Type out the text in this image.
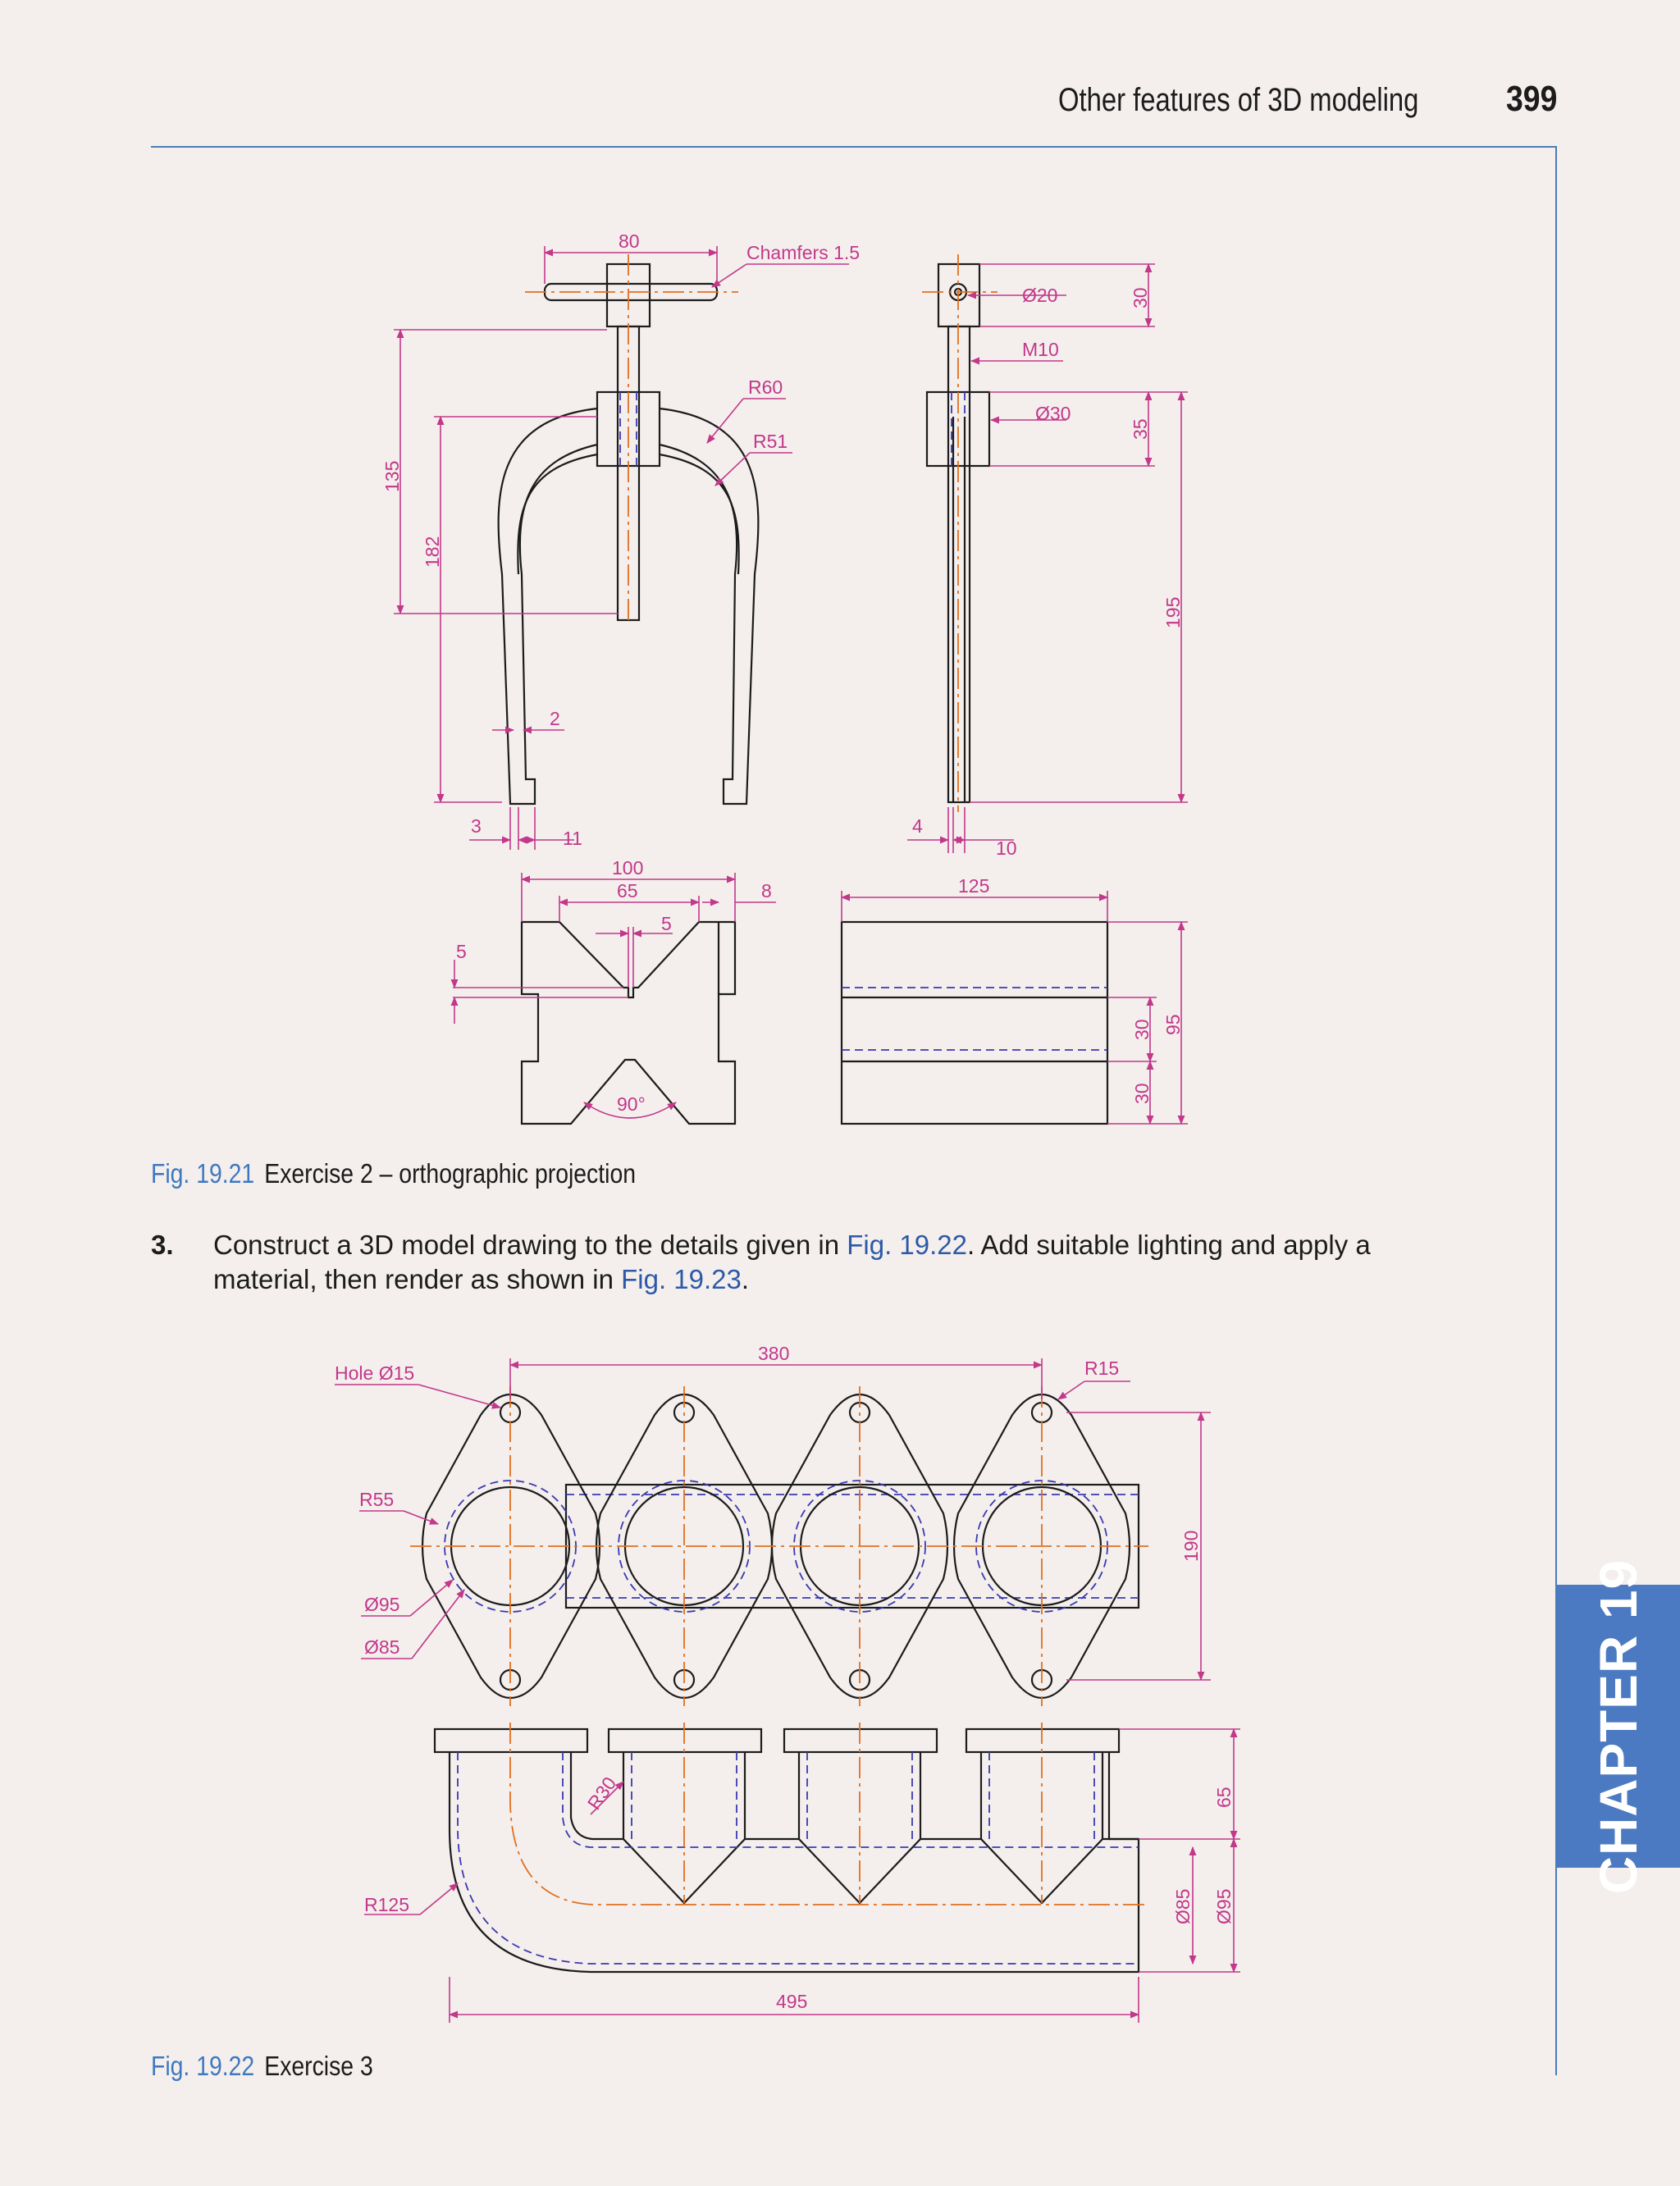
Other features of 3D modeling 399
CHAPTER 19
80
Chamfers 1.5
R60
R51
135
182
2
3
11
Ø20
M10
Ø30
30
35
195
4
10
100
65	8
5
5
90°
125
30
30
95
380
Hole Ø15	R15
R55
Ø95
Ø85
190
R30
R125
65
Ø85 Ø95
495
Fig. 19.21 Exercise 2 – orthographic projection
3. Construct a 3D model drawing to the details given in Fig. 19.22. Add suitable lighting and apply a material, then render as shown in Fig. 19.23.
Fig. 19.22 Exercise 3
